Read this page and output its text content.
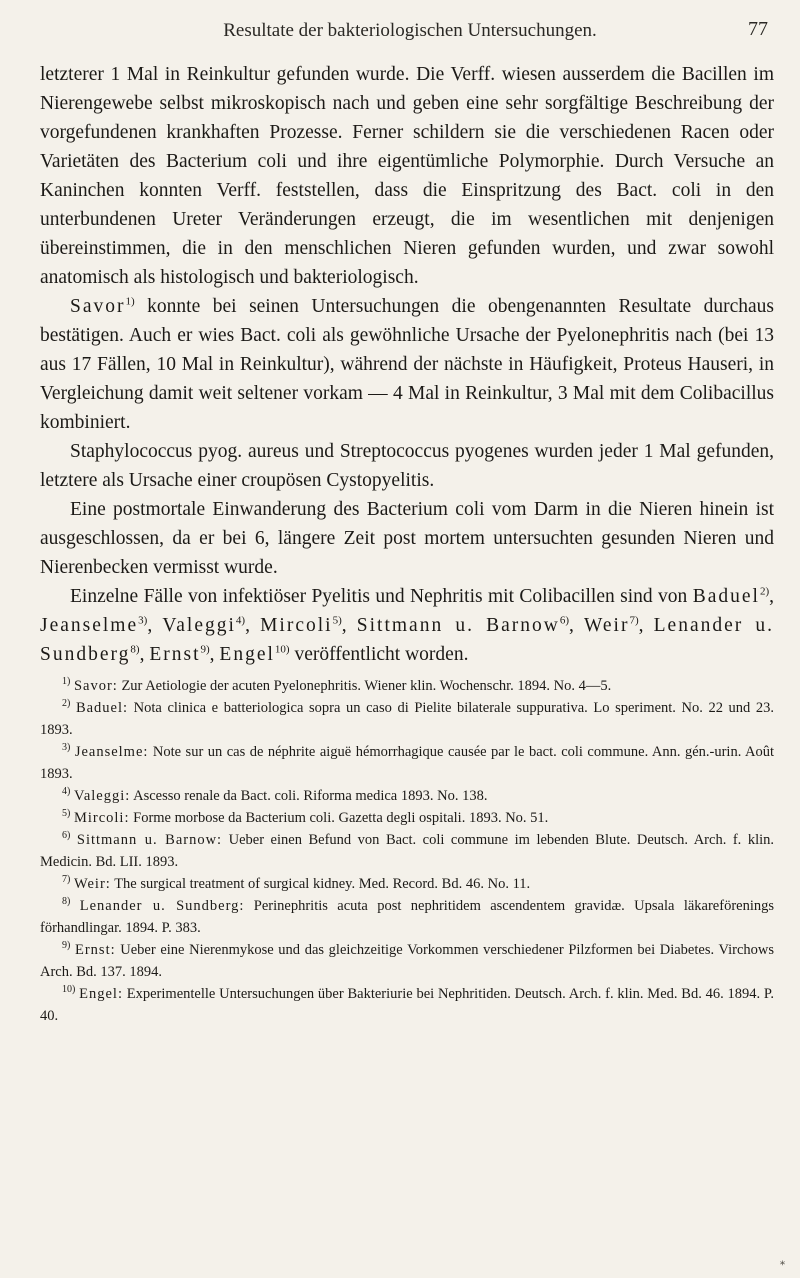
Resultate der bakteriologischen Untersuchungen.	77

letzterer 1 Mal in Reinkultur gefunden wurde. Die Verff. wiesen ausserdem die Bacillen im Nierengewebe selbst mikroskopisch nach und geben eine sehr sorgfältige Beschreibung der vorgefundenen krankhaften Prozesse. Ferner schildern sie die verschiedenen Racen oder Varietäten des Bacterium coli und ihre eigentümliche Polymorphie. Durch Versuche an Kaninchen konnten Verff. feststellen, dass die Einspritzung des Bact. coli in den unterbundenen Ureter Veränderungen erzeugt, die im wesentlichen mit denjenigen übereinstimmen, die in den menschlichen Nieren gefunden wurden, und zwar sowohl anatomisch als histologisch und bakteriologisch.

Savor$^{1)}$ konnte bei seinen Untersuchungen die obengenannten Resultate durchaus bestätigen. Auch er wies Bact. coli als gewöhnliche Ursache der Pyelonephritis nach (bei 13 aus 17 Fällen, 10 Mal in Reinkultur), während der nächste in Häufigkeit, Proteus Hauseri, in Vergleichung damit weit seltener vorkam — 4 Mal in Reinkultur, 3 Mal mit dem Colibacillus kombiniert.

Staphylococcus pyog. aureus und Streptococcus pyogenes wurden jeder 1 Mal gefunden, letztere als Ursache einer croupösen Cystopyelitis.

Eine postmortale Einwanderung des Bacterium coli vom Darm in die Nieren hinein ist ausgeschlossen, da er bei 6, längere Zeit post mortem untersuchten gesunden Nieren und Nierenbecken vermisst wurde.

Einzelne Fälle von infektiöser Pyelitis und Nephritis mit Colibacillen sind von Baduel$^{2)}$, Jeanselme$^{3)}$, Valeggi$^{4)}$, Mircoli$^{5)}$, Sittmann u. Barnow$^{6)}$, Weir$^{7)}$, Lenander u. Sundberg$^{8)}$, Ernst$^{9)}$, Engel$^{10)}$ veröffentlicht worden.

$^{1)}$ Savor: Zur Aetiologie der acuten Pyelonephritis. Wiener klin. Wochenschr. 1894. No. 4—5.

$^{2)}$ Baduel: Nota clinica e batteriologica sopra un caso di Pielite bilaterale suppurativa. Lo speriment. No. 22 und 23. 1893.

$^{3)}$ Jeanselme: Note sur un cas de néphrite aiguë hémorrhagique causée par le bact. coli commune. Ann. gén.-urin. Août 1893.

$^{4)}$ Valeggi: Ascesso renale da Bact. coli. Riforma medica 1893. No. 138.

$^{5)}$ Mircoli: Forme morbose da Bacterium coli. Gazetta degli ospitali. 1893. No. 51.

$^{6)}$ Sittmann u. Barnow: Ueber einen Befund von Bact. coli commune im lebenden Blute. Deutsch. Arch. f. klin. Medicin. Bd. LII. 1893.

$^{7)}$ Weir: The surgical treatment of surgical kidney. Med. Record. Bd. 46. No. 11.

$^{8)}$ Lenander u. Sundberg: Perinephritis acuta post nephritidem ascendentem gravidæ. Upsala läkareförenings förhandlingar. 1894. P. 383.

$^{9)}$ Ernst: Ueber eine Nierenmykose und das gleichzeitige Vorkommen verschiedener Pilzformen bei Diabetes. Virchows Arch. Bd. 137. 1894.

$^{10)}$ Engel: Experimentelle Untersuchungen über Bakteriurie bei Nephritiden. Deutsch. Arch. f. klin. Med. Bd. 46. 1894. P. 40.

*
